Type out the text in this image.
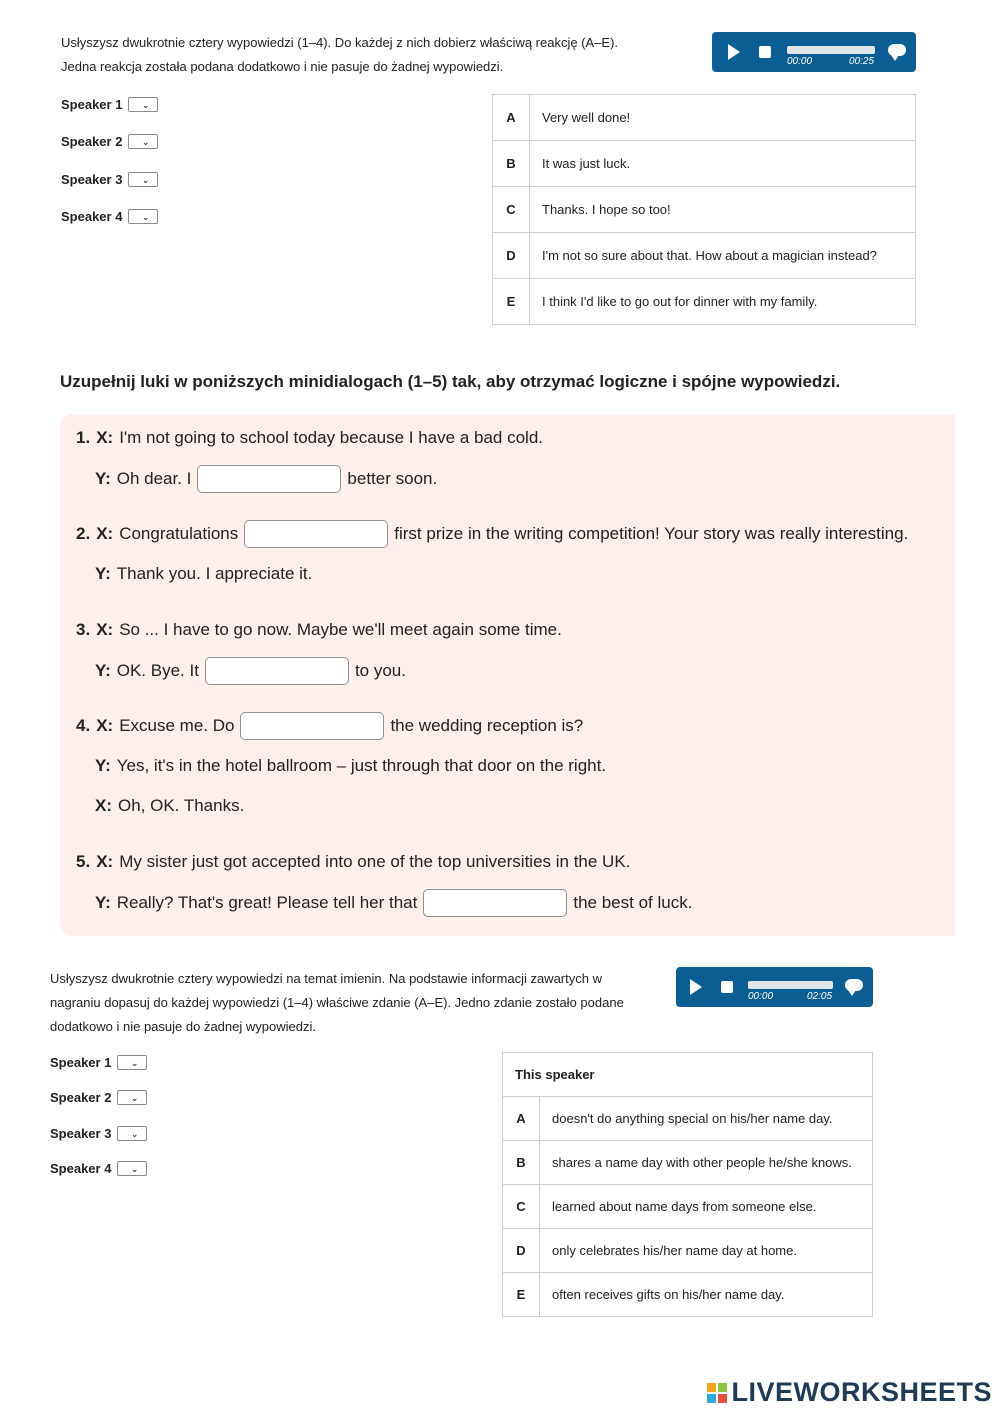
Usłyszysz dwukrotnie cztery wypowiedzi (1–4). Do każdej z nich dobierz właściwą reakcję (A–E).
Jedna reakcja została podana dodatkowo i nie pasuje do żadnej wypowiedzi.	00:00	00:25
Speaker 1 ⌄
Speaker 2 ⌄
Speaker 3 ⌄
Speaker 4 ⌄
A	Very well done!
B	It was just luck.
C	Thanks. I hope so too!
D	I'm not so sure about that. How about a magician instead?
E	I think I'd like to go out for dinner with my family.
Uzupełnij luki w poniższych minidialogach (1–5) tak, aby otrzymać logiczne i spójne wypowiedzi.
1. X: I'm not going to school today because I have a bad cold.
Y: Oh dear. I	better soon.
2. X: Congratulations	first prize in the writing competition! Your story was really interesting.
Y: Thank you. I appreciate it.
3. X: So ... I have to go now. Maybe we'll meet again some time.
Y: OK. Bye. It	to you.
4. X: Excuse me. Do	the wedding reception is?
Y: Yes, it's in the hotel ballroom – just through that door on the right.
X: Oh, OK. Thanks.
5. X: My sister just got accepted into one of the top universities in the UK.
Y: Really? That's great! Please tell her that	the best of luck.
Usłyszysz dwukrotnie cztery wypowiedzi na temat imienin. Na podstawie informacji zawartych w
nagraniu dopasuj do każdej wypowiedzi (1–4) właściwe zdanie (A–E). Jedno zdanie zostało podane
dodatkowo i nie pasuje do żadnej wypowiedzi.
00:00	02:05
Speaker 1 ⌄
Speaker 2 ⌄
Speaker 3 ⌄
Speaker 4 ⌄
This speaker	
A	doesn't do anything special on his/her name day.
B	shares a name day with other people he/she knows.
C	learned about name days from someone else.
D	only celebrates his/her name day at home.
E	often receives gifts on his/her name day.
LIVEWORKSHEETS
